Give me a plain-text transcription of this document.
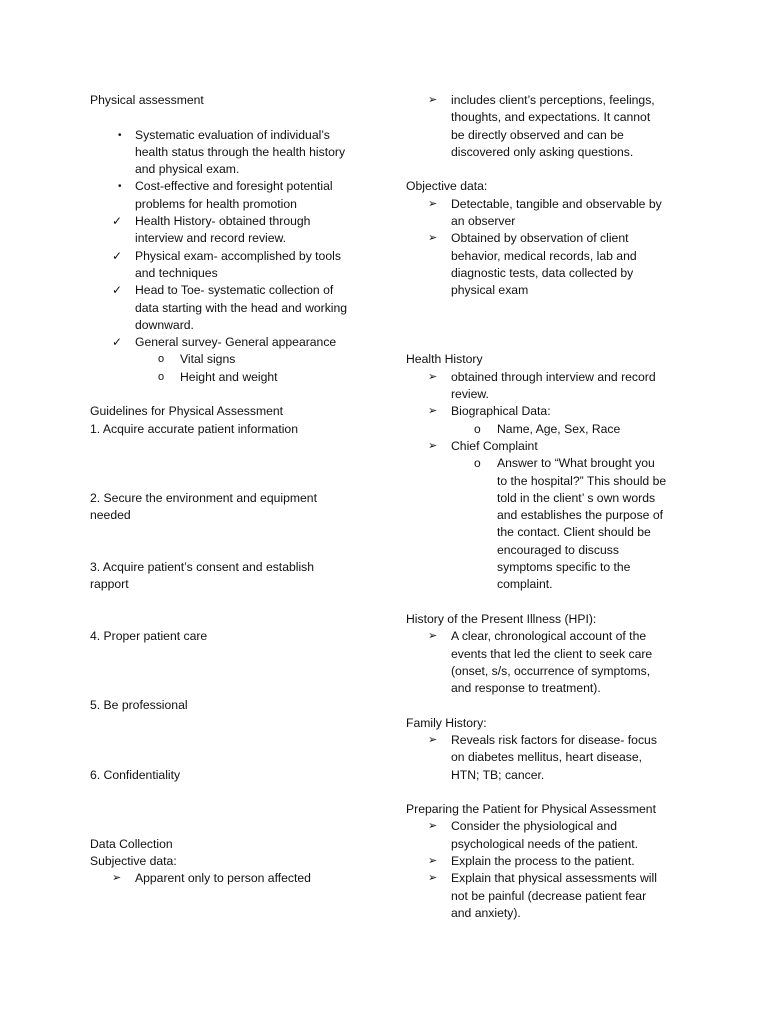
Physical assessment
•	Systematic evaluation of individual’s
health status through the health history
and physical exam.
•	Cost-effective and foresight potential
problems for health promotion
✓	Health History- obtained through
interview and record review.
✓	Physical exam- accomplished by tools
and techniques
✓	Head to Toe- systematic collection of
data starting with the head and working
downward.
✓	General survey- General appearance
o	Vital signs
o	Height and weight
Guidelines for Physical Assessment
1. Acquire accurate patient information
2. Secure the environment and equipment
needed
3. Acquire patient’s consent and establish
rapport
4. Proper patient care
5. Be professional
6. Confidentiality
Data Collection
Subjective data:
➢	Apparent only to person affected
➢	includes client’s perceptions, feelings,
thoughts, and expectations. It cannot
be directly observed and can be
discovered only asking questions.
Objective data:
➢	Detectable, tangible and observable by
an observer
➢	Obtained by observation of client
behavior, medical records, lab and
diagnostic tests, data collected by
physical exam
Health History
➢	obtained through interview and record
review.
➢	Biographical Data:
o	Name, Age, Sex, Race
➢	Chief Complaint
o	Answer to “What brought you
to the hospital?” This should be
told in the client’ s own words
and establishes the purpose of
the contact. Client should be
encouraged to discuss
symptoms specific to the
complaint.
History of the Present Illness (HPI):
➢	A clear, chronological account of the
events that led the client to seek care
(onset, s/s, occurrence of symptoms,
and response to treatment).
Family History:
➢	Reveals risk factors for disease- focus
on diabetes mellitus, heart disease,
HTN; TB; cancer.
Preparing the Patient for Physical Assessment
➢	Consider the physiological and
psychological needs of the patient.
➢	Explain the process to the patient.
➢	Explain that physical assessments will
not be painful (decrease patient fear
and anxiety).
